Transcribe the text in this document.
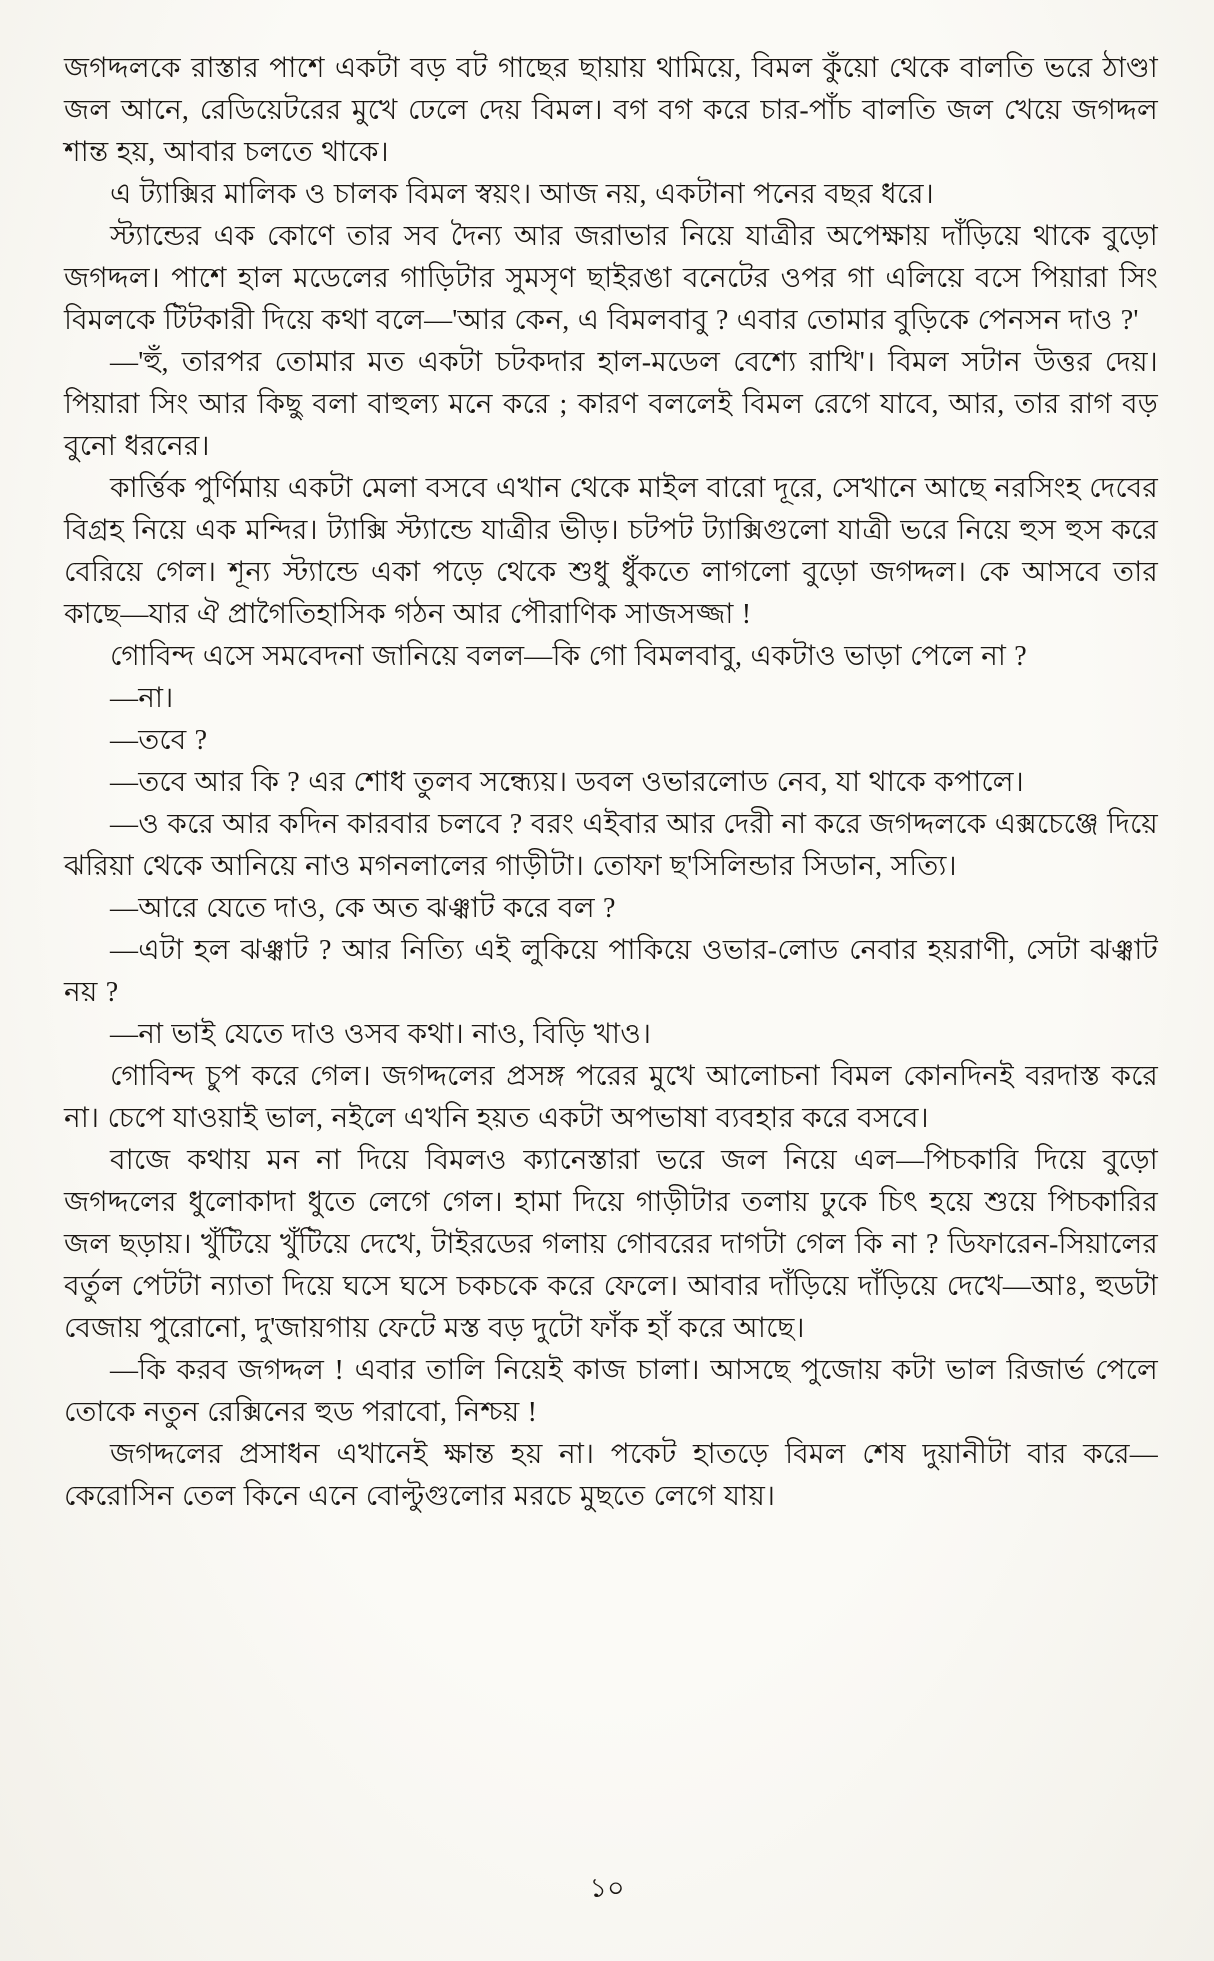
জগদ্দলকে রাস্তার পাশে একটা বড় বট গাছের ছায়ায় থামিয়ে, বিমল কুঁয়ো থেকে বালতি ভরে ঠাণ্ডা জল আনে, রেডিয়েটরের মুখে ঢেলে দেয় বিমল। বগ বগ করে চার-পাঁচ বালতি জল খেয়ে জগদ্দল শান্ত হয়, আবার চলতে থাকে।

এ ট্যাক্সির মালিক ও চালক বিমল স্বয়ং। আজ নয়, একটানা পনের বছর ধরে।

স্ট্যান্ডের এক কোণে তার সব দৈন্য আর জরাভার নিয়ে যাত্রীর অপেক্ষায় দাঁড়িয়ে থাকে বুড়ো জগদ্দল। পাশে হাল মডেলের গাড়িটার সুমসৃণ ছাইরঙা বনেটের ওপর গা এলিয়ে বসে পিয়ারা সিং বিমলকে টিটকারী দিয়ে কথা বলে—'আর কেন, এ বিমলবাবু ? এবার তোমার বুড়িকে পেনসন দাও ?'

—'হুঁ, তারপর তোমার মত একটা চটকদার হাল-মডেল বেশ্যে রাখি'। বিমল সটান উত্তর দেয়। পিয়ারা সিং আর কিছু বলা বাহুল্য মনে করে ; কারণ বললেই বিমল রেগে যাবে, আর, তার রাগ বড় বুনো ধরনের।

কার্ত্তিক পুর্ণিমায় একটা মেলা বসবে এখান থেকে মাইল বারো দূরে, সেখানে আছে নরসিংহ দেবের বিগ্রহ নিয়ে এক মন্দির। ট্যাক্সি স্ট্যান্ডে যাত্রীর ভীড়। চটপট ট্যাক্সিগুলো যাত্রী ভরে নিয়ে হুস হুস করে বেরিয়ে গেল। শূন্য স্ট্যান্ডে একা পড়ে থেকে শুধু ধুঁকতে লাগলো বুড়ো জগদ্দল। কে আসবে তার কাছে—যার ঐ প্রাগৈতিহাসিক গঠন আর পৌরাণিক সাজসজ্জা !

গোবিন্দ এসে সমবেদনা জানিয়ে বলল—কি গো বিমলবাবু, একটাও ভাড়া পেলে না ?

—না।

—তবে ?

—তবে আর কি ? এর শোধ তুলব সন্ধ্যেয়। ডবল ওভারলোড নেব, যা থাকে কপালে।

—ও করে আর কদিন কারবার চলবে ? বরং এইবার আর দেরী না করে জগদ্দলকে এক্সচেঞ্জে দিয়ে ঝরিয়া থেকে আনিয়ে নাও মগনলালের গাড়ীটা। তোফা ছ'সিলিন্ডার সিডান, সত্যি।

—আরে যেতে দাও, কে অত ঝঞ্ঝাট করে বল ?

—এটা হল ঝঞ্ঝাট ? আর নিত্যি এই লুকিয়ে পাকিয়ে ওভার-লোড নেবার হয়রাণী, সেটা ঝঞ্ঝাট নয় ?

—না ভাই যেতে দাও ওসব কথা। নাও, বিড়ি খাও।

গোবিন্দ চুপ করে গেল। জগদ্দলের প্রসঙ্গ পরের মুখে আলোচনা বিমল কোনদিনই বরদাস্ত করে না। চেপে যাওয়াই ভাল, নইলে এখনি হয়ত একটা অপভাষা ব্যবহার করে বসবে।

বাজে কথায় মন না দিয়ে বিমলও ক্যানেস্তারা ভরে জল নিয়ে এল—পিচকারি দিয়ে বুড়ো জগদ্দলের ধুলোকাদা ধুতে লেগে গেল। হামা দিয়ে গাড়ীটার তলায় ঢুকে চিৎ হয়ে শুয়ে পিচকারির জল ছড়ায়। খুঁটিয়ে খুঁটিয়ে দেখে, টাইরডের গলায় গোবরের দাগটা গেল কি না ? ডিফারেন-সিয়ালের বর্তুল পেটটা ন্যাতা দিয়ে ঘসে ঘসে চকচকে করে ফেলে। আবার দাঁড়িয়ে দাঁড়িয়ে দেখে—আঃ, হুডটা বেজায় পুরোনো, দু'জায়গায় ফেটে মস্ত বড় দুটো ফাঁক হাঁ করে আছে।

—কি করব জগদ্দল ! এবার তালি নিয়েই কাজ চালা। আসছে পুজোয় কটা ভাল রিজার্ভ পেলে তোকে নতুন রেক্সিনের হুড পরাবো, নিশ্চয় !

জগদ্দলের প্রসাধন এখানেই ক্ষান্ত হয় না। পকেট হাতড়ে বিমল শেষ দুয়ানীটা বার করে—কেরোসিন তেল কিনে এনে বোল্টুগুলোর মরচে মুছতে লেগে যায়।

১০
